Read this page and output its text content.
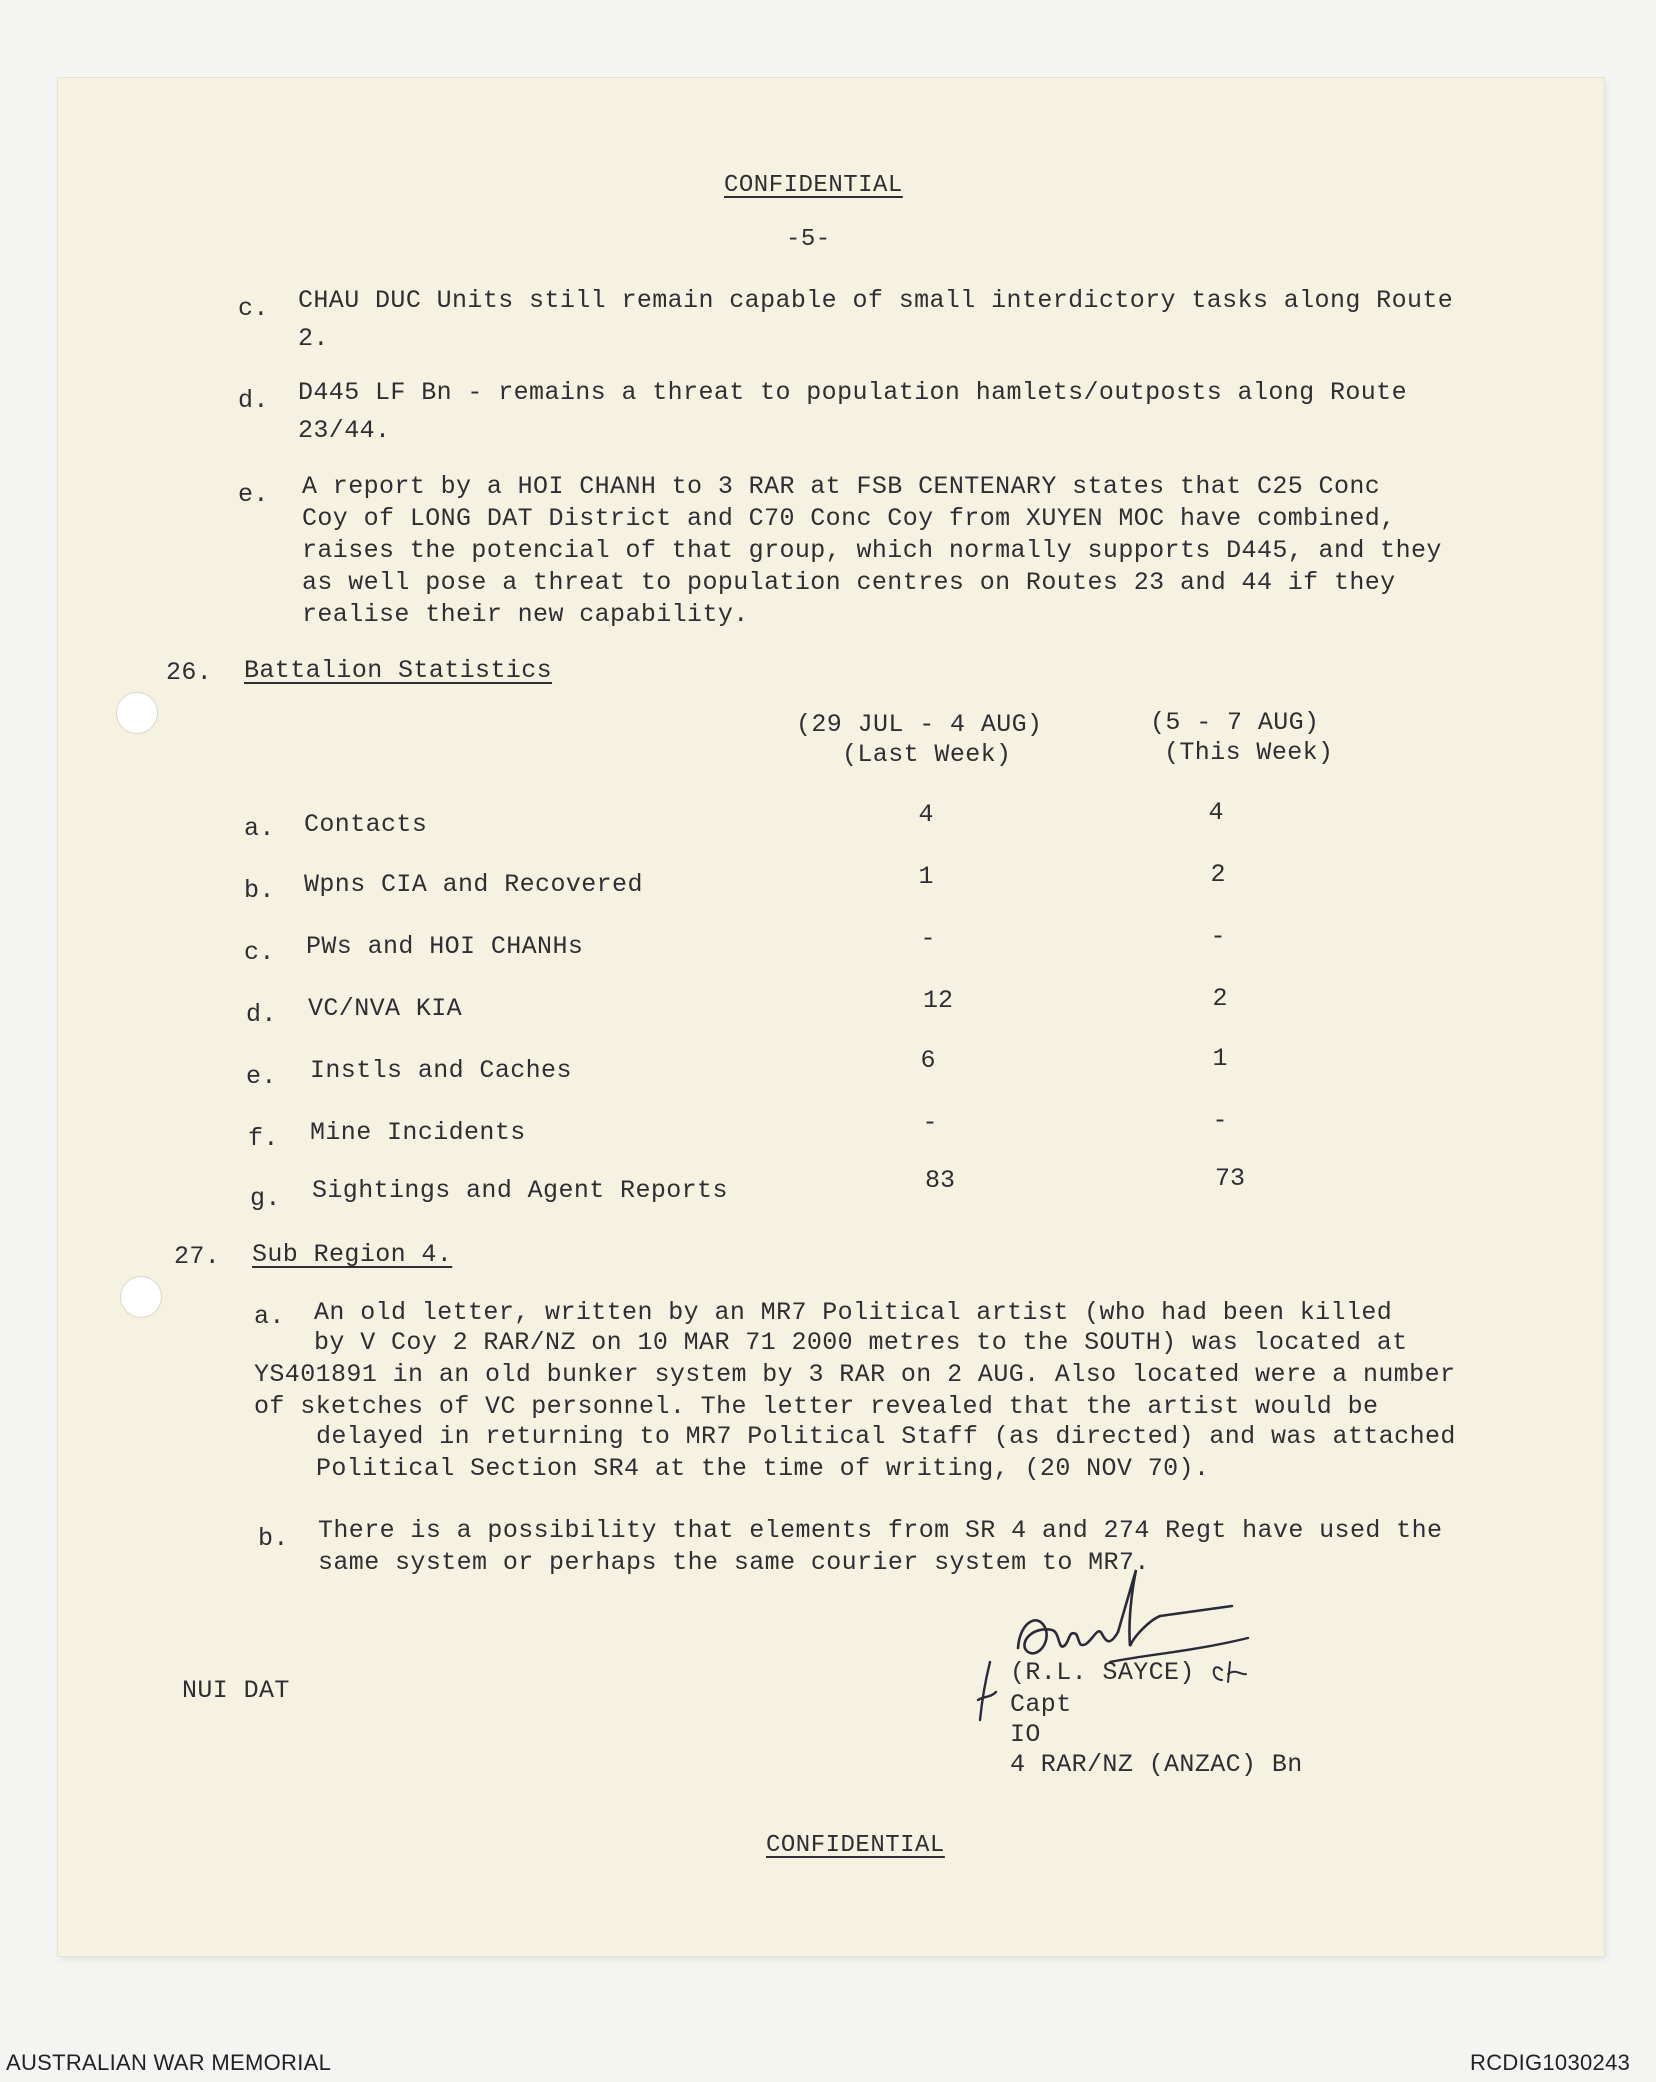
CONFIDENTIAL
-5-
c. CHAU DUC Units still remain capable of small interdictory tasks along Route
2.
d. D445 LF Bn - remains a threat to population hamlets/outposts along Route
23/44.
e. A report by a HOI CHANH to 3 RAR at FSB CENTENARY states that C25 Conc
Coy of LONG DAT District and C70 Conc Coy from XUYEN MOC have combined,
raises the potencial of that group, which normally supports D445, and they
as well pose a threat to population centres on Routes 23 and 44 if they
realise their new capability.
26. Battalion Statistics
(29 JUL - 4 AUG)
(Last Week)
(5 - 7 AUG)
(This Week)
a. Contacts	4	4
b. Wpns CIA and Recovered	1	2
c. PWs and HOI CHANHs	-	-
d. VC/NVA KIA	12	2
e. Instls and Caches	6	1
f. Mine Incidents	-	-
g. Sightings and Agent Reports	83	73
27. Sub Region 4.
a. An old letter, written by an MR7 Political artist (who had been killed
by V Coy 2 RAR/NZ on 10 MAR 71 2000 metres to the SOUTH) was located at
YS401891 in an old bunker system by 3 RAR on 2 AUG. Also located were a number
of sketches of VC personnel. The letter revealed that the artist would be
delayed in returning to MR7 Political Staff (as directed) and was attached
Political Section SR4 at the time of writing, (20 NOV 70).
b. There is a possibility that elements from SR 4 and 274 Regt have used the
same system or perhaps the same courier system to MR7.
NUI DAT
(R.L. SAYCE)
Capt
IO
4 RAR/NZ (ANZAC) Bn
CONFIDENTIAL
AUSTRALIAN WAR MEMORIAL	RCDIG1030243
